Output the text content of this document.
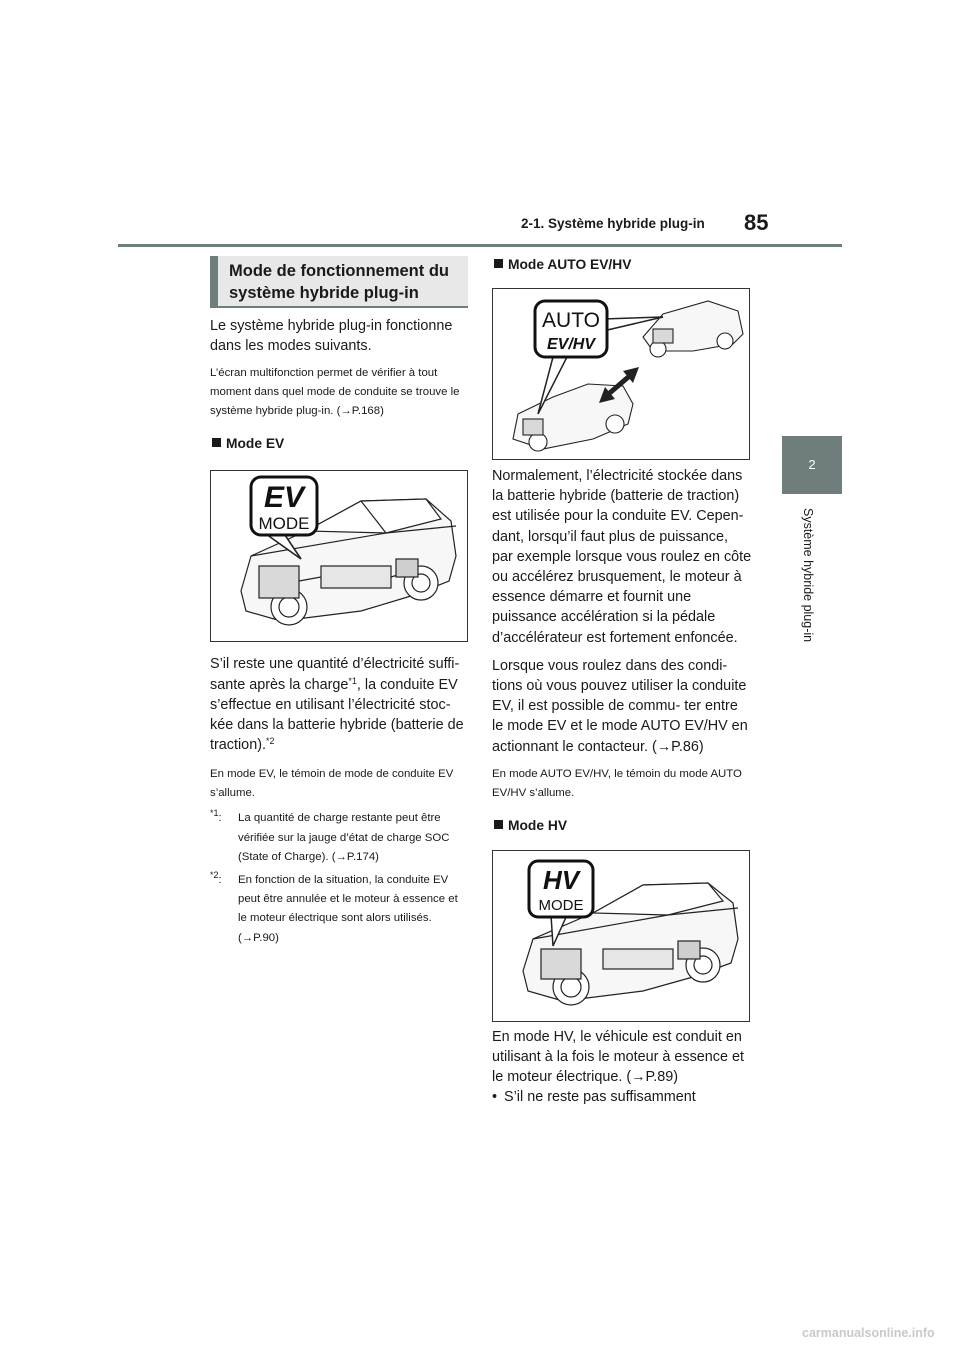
2-1. Système hybride plug-in 85
2
Système hybride plug-in
Mode de fonctionnement du
système hybride plug-in

Le système hybride plug-in fonctionne dans les modes suivants.

L’écran multifonction permet de vérifier à tout moment dans quel mode de conduite se trouve le système hybride plug-in. (→P.168)

Mode EV
EV
MODE

S’il reste une quantité d’électricité suffi- sante après la charge$^{*1}$, la conduite EV s’effectue en utilisant l’électricité stoc- kée dans la batterie hybride (batterie de traction).$^{*2}$

En mode EV, le témoin de mode de conduite EV s’allume.

$^{*1}$: La quantité de charge restante peut être vérifiée sur la jauge d’état de charge SOC (State of Charge). (→P.174)
$^{*2}$: En fonction de la situation, la conduite EV peut être annulée et le moteur à essence et le moteur électrique sont alors utilisés. (→P.90)
Mode AUTO EV/HV
AUTO
EV/HV

Normalement, l’électricité stockée dans la batterie hybride (batterie de traction) est utilisée pour la conduite EV. Cepen- dant, lorsqu’il faut plus de puissance, par exemple lorsque vous roulez en côte ou accélérez brusquement, le moteur à essence démarre et fournit une puissance accélération si la pédale d’accélérateur est fortement enfoncée.

Lorsque vous roulez dans des condi- tions où vous pouvez utiliser la conduite EV, il est possible de commu- ter entre le mode EV et le mode AUTO EV/HV en actionnant le contacteur. (→P.86)

En mode AUTO EV/HV, le témoin du mode AUTO EV/HV s’allume.

Mode HV
HV
MODE

En mode HV, le véhicule est conduit en utilisant à la fois le moteur à essence et le moteur électrique. (→P.89)

• S’il ne reste pas suffisamment
carmanualsonline.info
